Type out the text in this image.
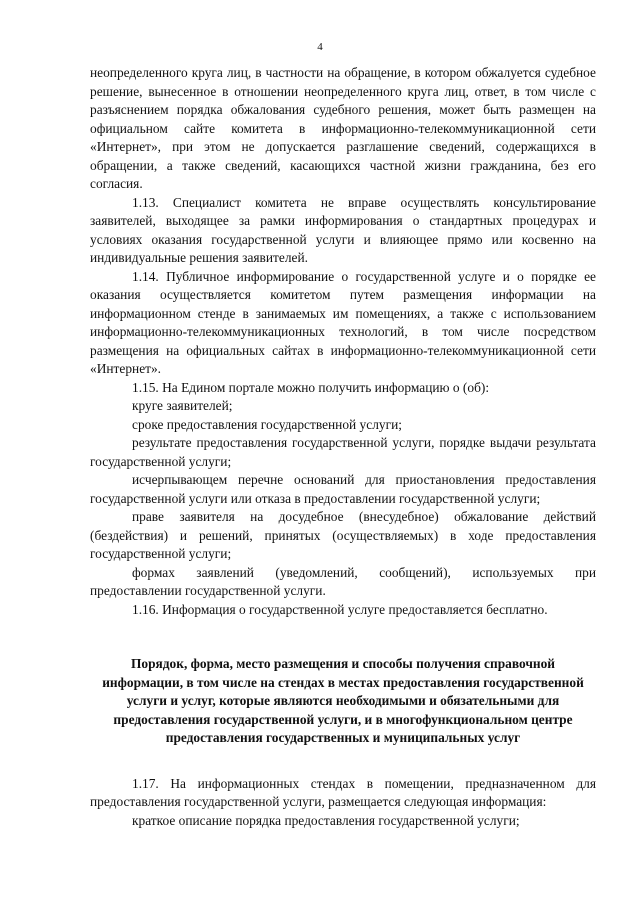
4

неопределенного круга лиц, в частности на обращение, в котором обжалуется судебное решение, вынесенное в отношении неопределенного круга лиц, ответ, в том числе с разъяснением порядка обжалования судебного решения, может быть размещен на официальном сайте комитета в информационно-телекоммуникационной сети «Интернет», при этом не допускается разглашение сведений, содержащихся в обращении, а также сведений, касающихся частной жизни гражданина, без его согласия.

1.13. Специалист комитета не вправе осуществлять консультирование заявителей, выходящее за рамки информирования о стандартных процедурах и условиях оказания государственной услуги и влияющее прямо или косвенно на индивидуальные решения заявителей.

1.14. Публичное информирование о государственной услуге и о порядке ее оказания осуществляется комитетом путем размещения информации на информационном стенде в занимаемых им помещениях, а также с использованием информационно-телекоммуникационных технологий, в том числе посредством размещения на официальных сайтах в информационно-телекоммуникационной сети «Интернет».

1.15. На Едином портале можно получить информацию о (об):

круге заявителей;

сроке предоставления государственной услуги;

результате предоставления государственной услуги, порядке выдачи результата государственной услуги;

исчерпывающем перечне оснований для приостановления предоставления государственной услуги или отказа в предоставлении государственной услуги;

праве заявителя на досудебное (внесудебное) обжалование действий (бездействия) и решений, принятых (осуществляемых) в ходе предоставления государственной услуги;

формах заявлений (уведомлений, сообщений), используемых при предоставлении государственной услуги.

1.16. Информация о государственной услуге предоставляется бесплатно.

Порядок, форма, место размещения и способы получения справочной информации, в том числе на стендах в местах предоставления государственной услуги и услуг, которые являются необходимыми и обязательными для предоставления государственной услуги, и в многофункциональном центре предоставления государственных и муниципальных услуг

1.17. На информационных стендах в помещении, предназначенном для предоставления государственной услуги, размещается следующая информация:

краткое описание порядка предоставления государственной услуги;
